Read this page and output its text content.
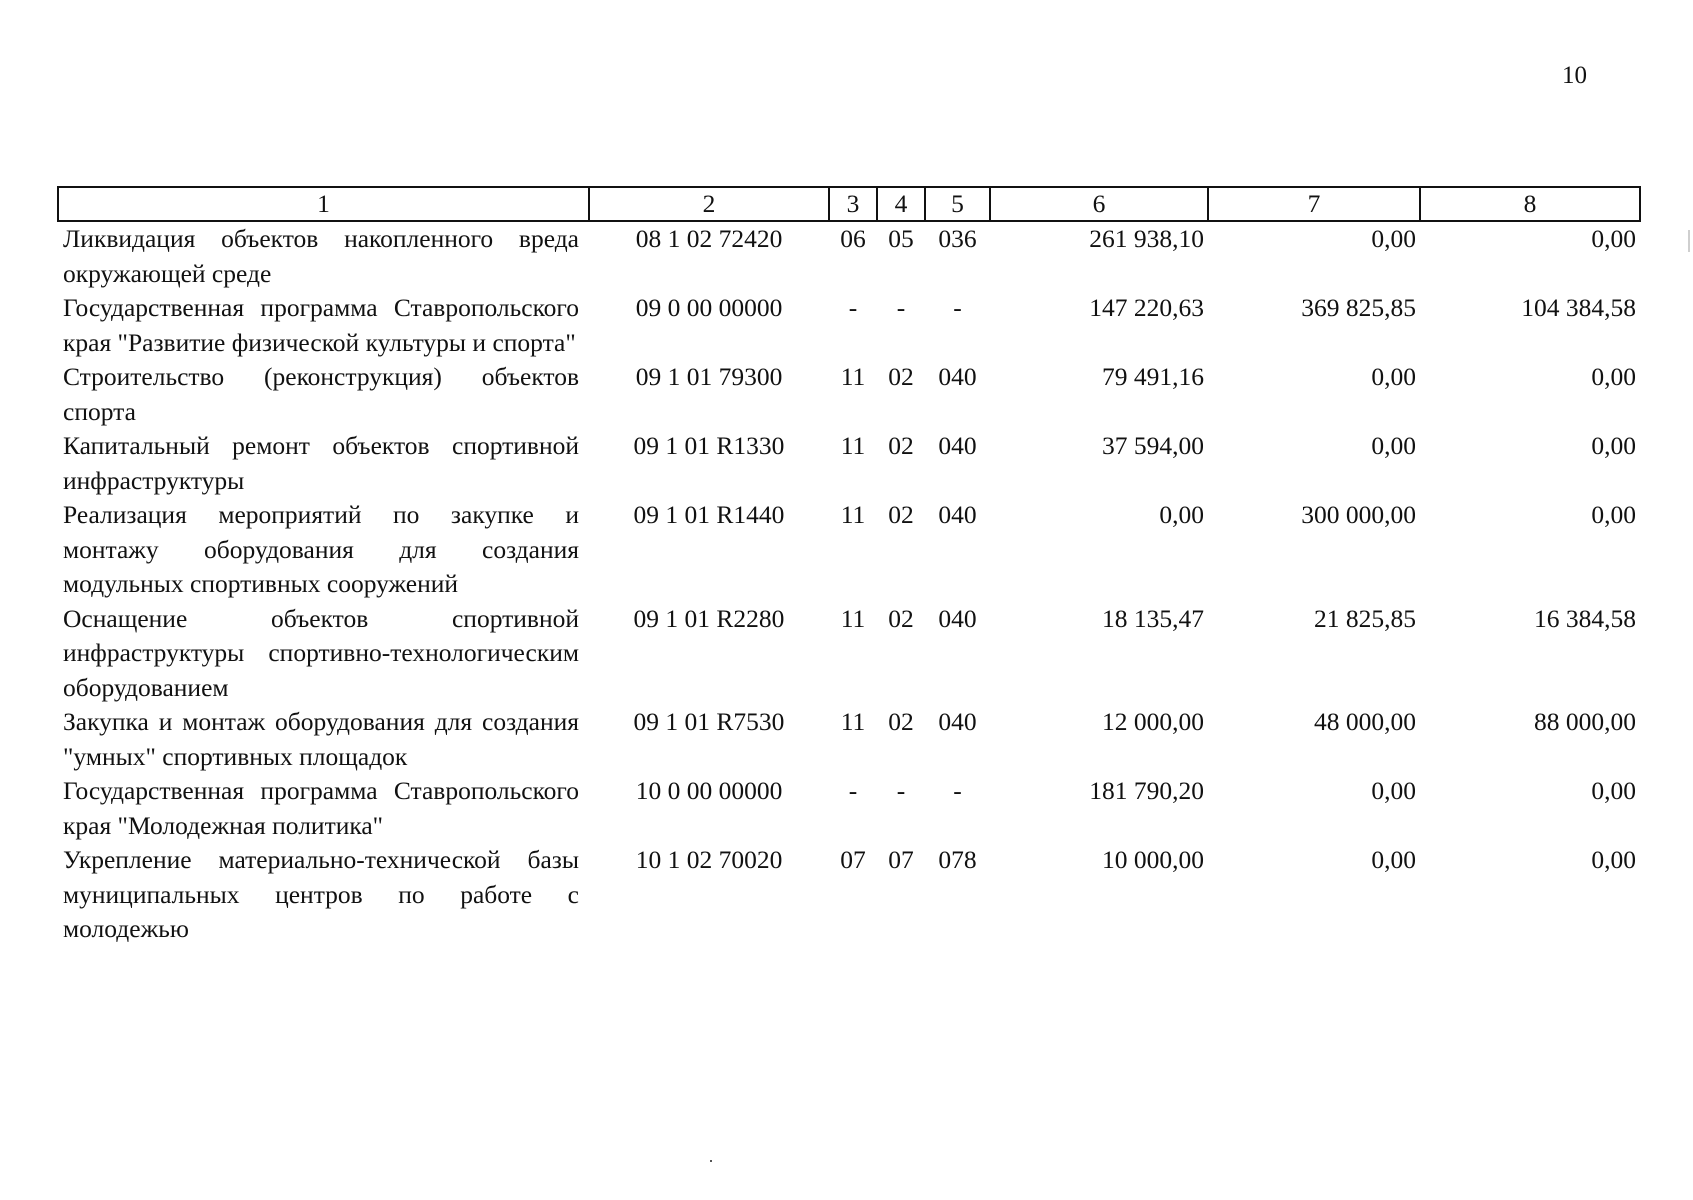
10
1	2	3	4	5	6	7	8
Ликвидация объектов накопленного вреда окружающей среде	08 1 02 72420	06	05	036	261 938,10	0,00	0,00
Государственная программа Ставропольского края "Развитие физической культуры и спорта"	09 0 00 00000	-	-	-	147 220,63	369 825,85	104 384,58
Строительство (реконструкция) объектов спорта	09 1 01 79300	11	02	040	79 491,16	0,00	0,00
Капитальный ремонт объектов спортивной инфраструктуры	09 1 01 R1330	11	02	040	37 594,00	0,00	0,00
Реализация мероприятий по закупке и монтажу оборудования для создания модульных спортивных сооружений	09 1 01 R1440	11	02	040	0,00	300 000,00	0,00
Оснащение объектов спортивной инфраструктуры спортивно-технологическим оборудованием	09 1 01 R2280	11	02	040	18 135,47	21 825,85	16 384,58
Закупка и монтаж оборудования для создания "умных" спортивных площадок	09 1 01 R7530	11	02	040	12 000,00	48 000,00	88 000,00
Государственная программа Ставропольского края "Молодежная политика"	10 0 00 00000	-	-	-	181 790,20	0,00	0,00
Укрепление материально-технической базы муниципальных центров по работе с молодежью	10 1 02 70020	07	07	078	10 000,00	0,00	0,00
